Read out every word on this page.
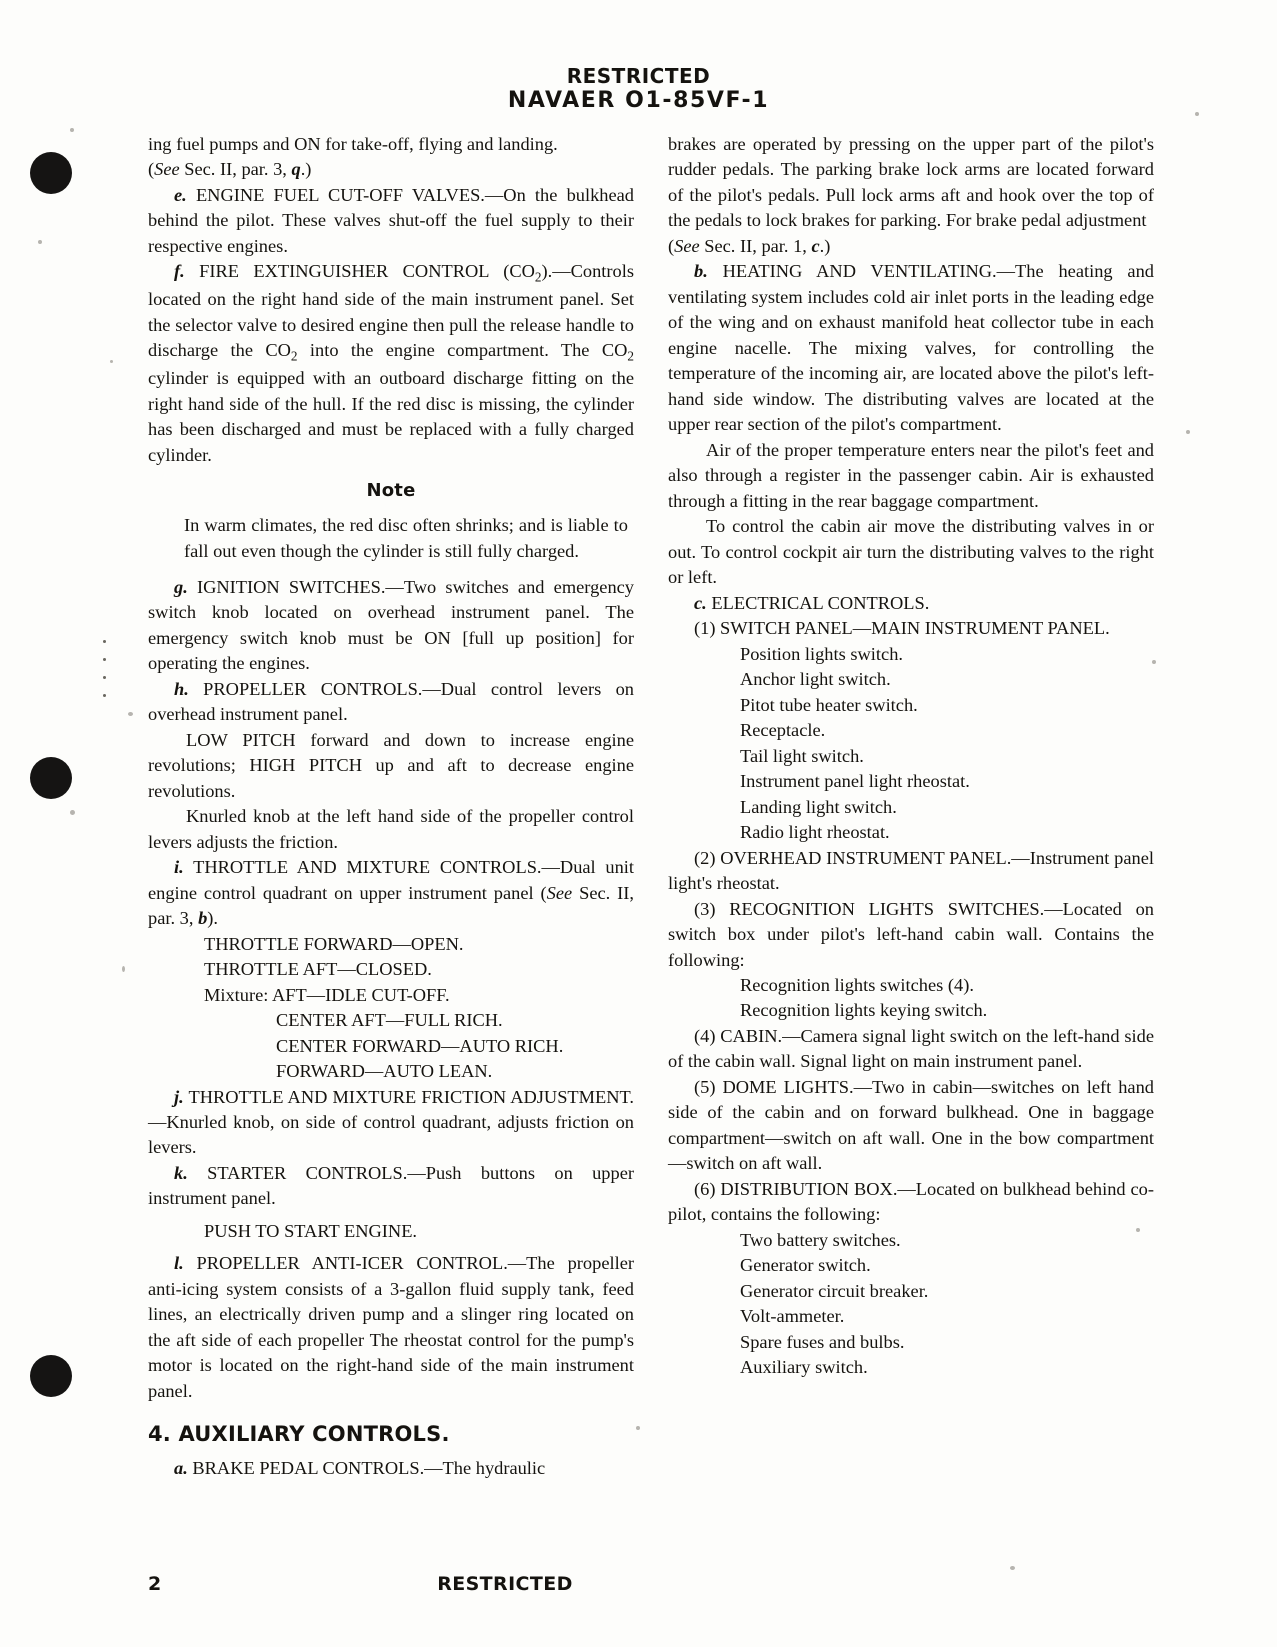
RESTRICTED
NAVAER O1-85VF-1

ing fuel pumps and ON for take-off, flying and landing.

(See Sec. II, par. 3, q.)

e. ENGINE FUEL CUT-OFF VALVES.—On the bulkhead behind the pilot. These valves shut-off the fuel supply to their respective engines.

f. FIRE EXTINGUISHER CONTROL $(CO_2).—Controls$ located on the right hand side of the main instrument panel. Set the selector valve to desired engine then pull the release handle to discharge the $CO_2$ into the engine compartment. The $CO_2$ cylinder is equipped with an outboard discharge fitting on the right hand side of the hull. If the red disc is missing, the cylinder has been discharged and must be replaced with a fully charged cylinder.

Note

In warm climates, the red disc often shrinks; and is liable to fall out even though the cylinder is still fully charged.

g. IGNITION SWITCHES.—Two switches and emergency switch knob located on overhead instrument panel. The emergency switch knob must be ON [full up position] for operating the engines.

h. PROPELLER CONTROLS.—Dual control levers on overhead instrument panel.

LOW PITCH forward and down to increase engine revolutions; HIGH PITCH up and aft to decrease engine revolutions.

Knurled knob at the left hand side of the propeller control levers adjusts the friction.

i. THROTTLE AND MIXTURE CONTROLS.—Dual unit engine control quadrant on upper instrument panel (See Sec. II, par. 3, b).

THROTTLE FORWARD—OPEN.
THROTTLE AFT—CLOSED.
Mixture: AFT—IDLE CUT-OFF.
CENTER AFT—FULL RICH.
CENTER FORWARD—AUTO RICH.
FORWARD—AUTO LEAN.

j. THROTTLE AND MIXTURE FRICTION ADJUSTMENT.—Knurled knob, on side of control quadrant, adjusts friction on levers.

k. STARTER CONTROLS.—Push buttons on upper instrument panel.

PUSH TO START ENGINE.

l. PROPELLER ANTI-ICER CONTROL.—The propeller anti-icing system consists of a 3-gallon fluid supply tank, feed lines, an electrically driven pump and a slinger ring located on the aft side of each propeller The rheostat control for the pump's motor is located on the right-hand side of the main instrument panel.

4. AUXILIARY CONTROLS.

a. BRAKE PEDAL CONTROLS.—The hydraulic

brakes are operated by pressing on the upper part of the pilot's rudder pedals. The parking brake lock arms are located forward of the pilot's pedals. Pull lock arms aft and hook over the top of the pedals to lock brakes for parking. For brake pedal adjustment

(See Sec. II, par. 1, c.)

b. HEATING AND VENTILATING.—The heating and ventilating system includes cold air inlet ports in the leading edge of the wing and on exhaust manifold heat collector tube in each engine nacelle. The mixing valves, for controlling the temperature of the incoming air, are located above the pilot's left-hand side window. The distributing valves are located at the upper rear section of the pilot's compartment.

Air of the proper temperature enters near the pilot's feet and also through a register in the passenger cabin. Air is exhausted through a fitting in the rear baggage compartment.

To control the cabin air move the distributing valves in or out. To control cockpit air turn the distributing valves to the right or left.

c. ELECTRICAL CONTROLS.

(1) SWITCH PANEL—MAIN INSTRUMENT PANEL.

Position lights switch.
Anchor light switch.
Pitot tube heater switch.
Receptacle.
Tail light switch.
Instrument panel light rheostat.
Landing light switch.
Radio light rheostat.

(2) OVERHEAD INSTRUMENT PANEL.—Instrument panel light's rheostat.

(3) RECOGNITION LIGHTS SWITCHES.—Located on switch box under pilot's left-hand cabin wall. Contains the following:

Recognition lights switches (4).
Recognition lights keying switch.

(4) CABIN.—Camera signal light switch on the left-hand side of the cabin wall. Signal light on main instrument panel.

(5) DOME LIGHTS.—Two in cabin—switches on left hand side of the cabin and on forward bulkhead. One in baggage compartment—switch on aft wall. One in the bow compartment—switch on aft wall.

(6) DISTRIBUTION BOX.—Located on bulkhead behind co-pilot, contains the following:

Two battery switches.
Generator switch.
Generator circuit breaker.
Volt-ammeter.
Spare fuses and bulbs.
Auxiliary switch.
2	RESTRICTED
